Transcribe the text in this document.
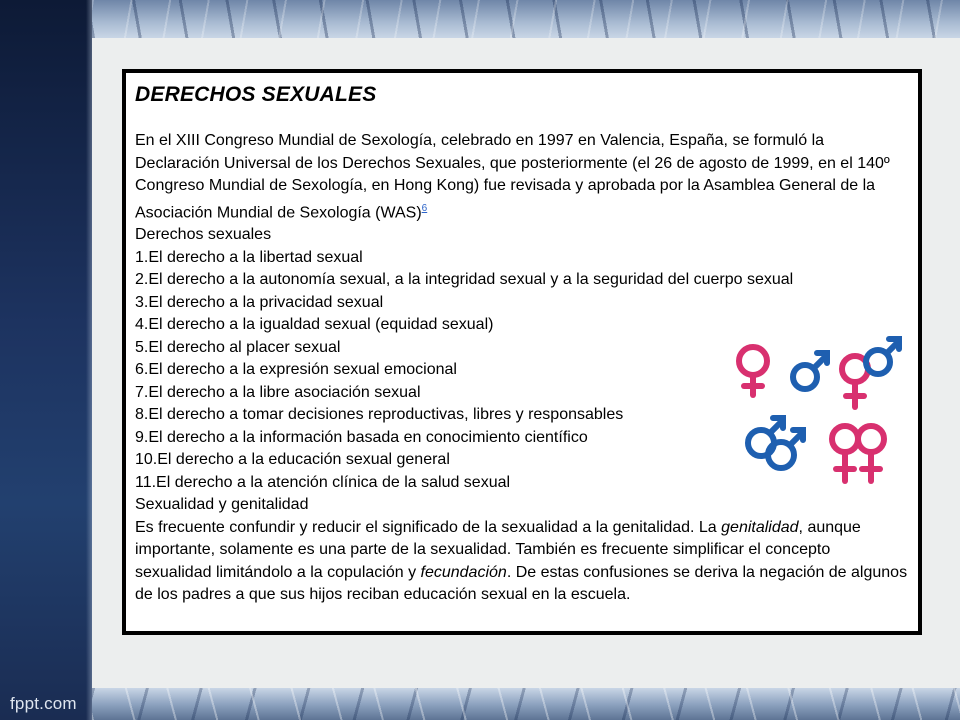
fppt.com
DERECHOS SEXUALES

En el XIII Congreso Mundial de Sexología, celebrado en 1997 en Valencia, España, se formuló la Declaración Universal de los Derechos Sexuales, que posteriormente (el 26 de agosto de 1999, en el 140º Congreso Mundial de Sexología, en Hong Kong) fue revisada y aprobada por la Asamblea General de la Asociación Mundial de Sexología (WAS)$^6$

Derechos sexuales
1.El derecho a la libertad sexual
2.El derecho a la autonomía sexual, a la integridad sexual y a la seguridad del cuerpo sexual
3.El derecho a la privacidad sexual
4.El derecho a la igualdad sexual (equidad sexual)
5.El derecho al placer sexual
6.El derecho a la expresión sexual emocional
7.El derecho a la libre asociación sexual
8.El derecho a tomar decisiones reproductivas, libres y responsables
9.El derecho a la información basada en conocimiento científico
10.El derecho a la educación sexual general
11.El derecho a la atención clínica de la salud sexual
Sexualidad y genitalidad

Es frecuente confundir y reducir el significado de la sexualidad a la genitalidad. La genitalidad, aunque importante, solamente es una parte de la sexualidad. También es frecuente simplificar el concepto sexualidad limitándolo a la copulación y fecundación. De estas confusiones se deriva la negación de algunos de los padres a que sus hijos reciban educación sexual en la escuela.
